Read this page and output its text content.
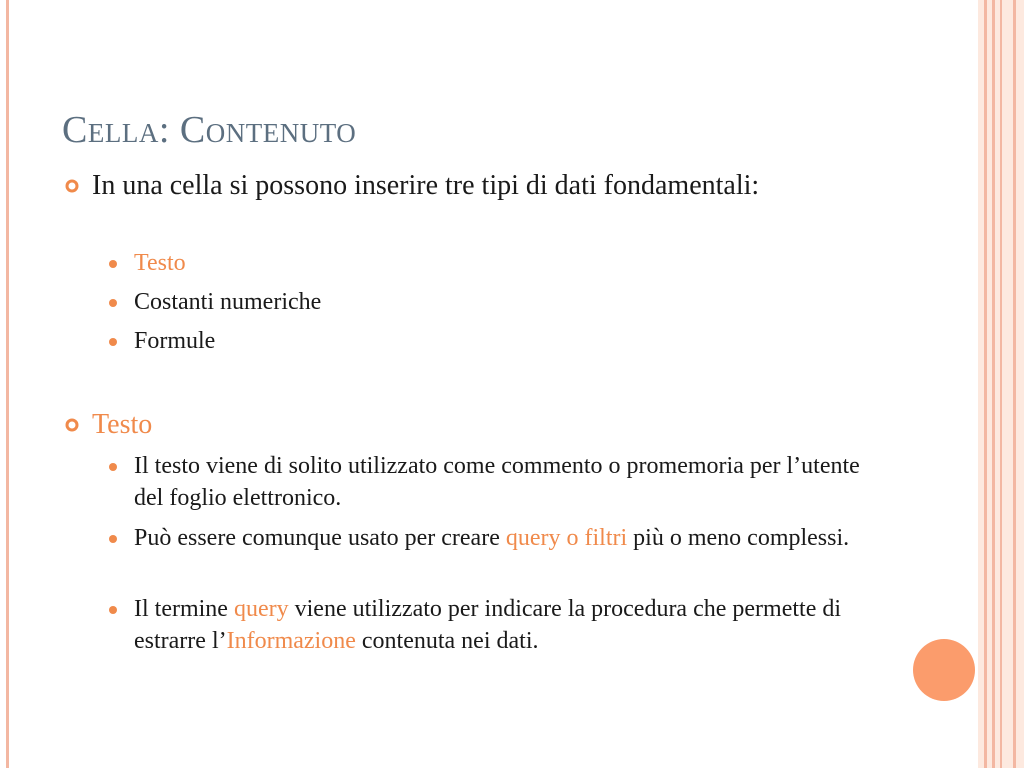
Cella: Contenuto
In una cella si possono inserire tre tipi di dati fondamentali:
Testo
Costanti numeriche
Formule
Testo
Il testo viene di solito utilizzato come commento o promemoria per l’utente del foglio elettronico.
Può essere comunque usato per creare query o filtri più o meno complessi.
Il termine query viene utilizzato per indicare la procedura che permette di estrarre l’Informazione contenuta nei dati.
